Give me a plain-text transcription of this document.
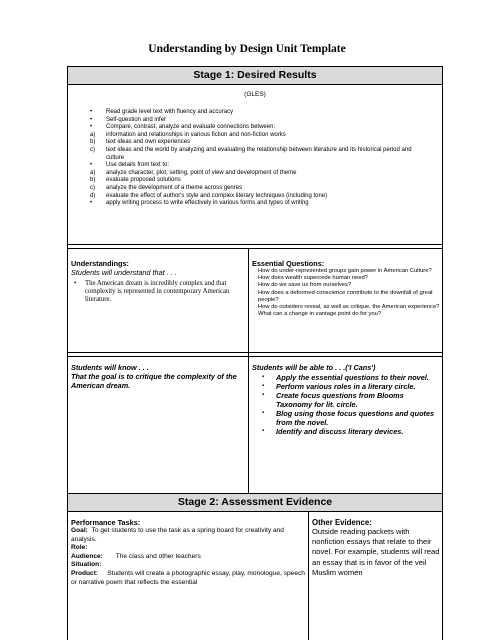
Understanding by Design Unit Template
Stage 1: Desired Results
(GLES)
•	Read grade level text with fluency and accuracy
•	Self-question and infer
•	Compare, contrast, analyze and evaluate connections between:
a)	information and relationships in various fiction and non-fiction works
b)	text ideas and own experiences
c)	text ideas and the world by analyzing and evaluating the relationship between literature and its historical period and culture
•	Use details from text to:
a)	analyze character, plot, setting, point of view and development of theme
b)	evaluate proposed solutions
c)	analyze the development of a theme across genres
d)	evaluate the effect of author's style and complex literary techniques (including tone)
•	apply writing process to write effectively in various forms and types of writing
Understandings:
Students will understand that . . .
• The American dream is incredibly complex and that complexity is represented in contemporary American literature.
Essential Questions:
How do under-represented groups gain power in American Culture?
How does wealth supercede human need?
How do we save us from ourselves?
How does a deformed conscience contribute to the downfall of great people?
How do outsiders reveal, as well as critique, the American experience?
What can a change in vantage point do for you?
Students will know . . .
That the goal is to critique the complexity of the American dream.
Students will be able to . . .('I Cans')
▪ Apply the essential questions to their novel.
▪ Perform various roles in a literary circle.
▪ Create focus questions from Blooms Taxonomy for lit. circle.
▪ Blog using those focus questions and quotes from the novel.
▪ Identify and discuss literary devices.
Stage 2: Assessment Evidence
Performance Tasks:
Goal: To get students to use the task as a spring board for creativity and analysis.
Role:
Audience: The class and other teachers
Situation:
Product: Students will create a photographic essay, play, monologue, speech or narrative poem that reflects the essential
Other Evidence:
Outside reading packets with nonfiction essays that relate to their novel. For example, students will read an essay that is in favor of the veil Muslim women
